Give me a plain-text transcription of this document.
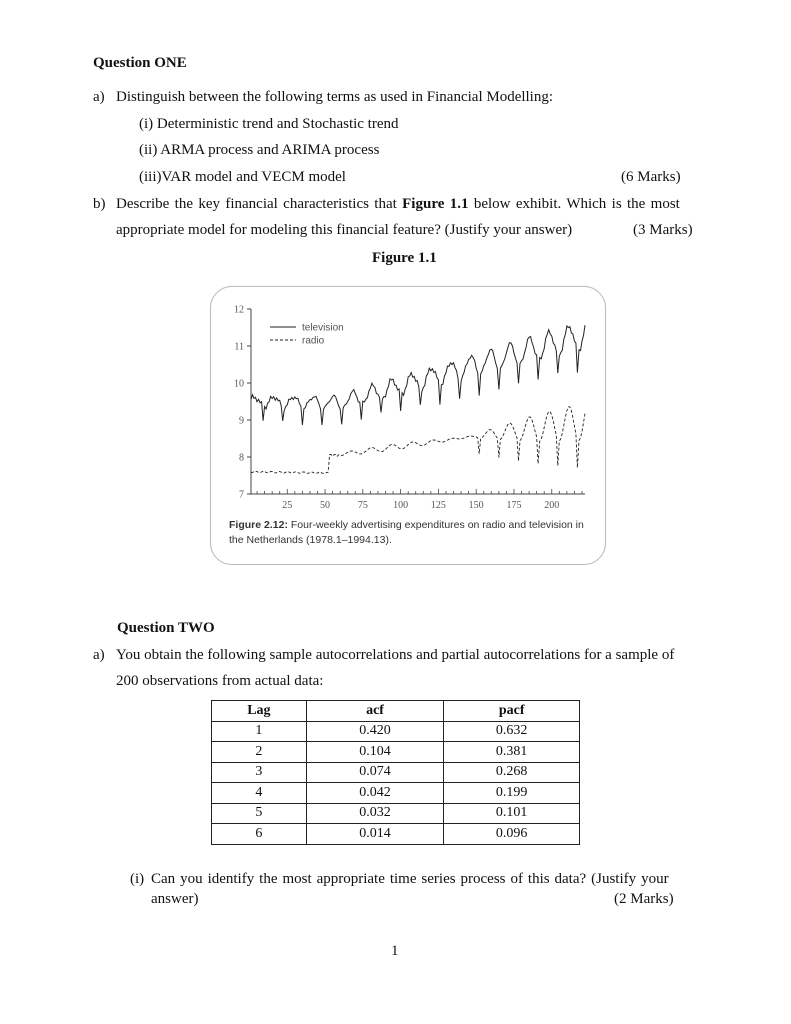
Question ONE
a) Distinguish between the following terms as used in Financial Modelling:
(i) Deterministic trend and Stochastic trend
(ii) ARMA process and ARIMA process
(iii)VAR model and VECM model	(6 Marks)
b) Describe the key financial characteristics that Figure 1.1 below exhibit. Which is the most
appropriate model for modeling this financial feature? (Justify your answer)	(3 Marks)
Figure 1.1
7
8
9
10
11
12
25	50	75	100 125 150 175 200
television
radio
Figure 2.12: Four-weekly advertising expenditures on radio and television in the Netherlands (1978.1–1994.13).
Question TWO
a) You obtain the following sample autocorrelations and partial autocorrelations for a sample of
200 observations from actual data:
Lag	acf	pacf
1	0.420	0.632
2	0.104	0.381
3	0.074	0.268
4	0.042	0.199
5	0.032	0.101
6	0.014	0.096
(i) Can you identify the most appropriate time series process of this data? (Justify your
answer)	(2 Marks)
1
